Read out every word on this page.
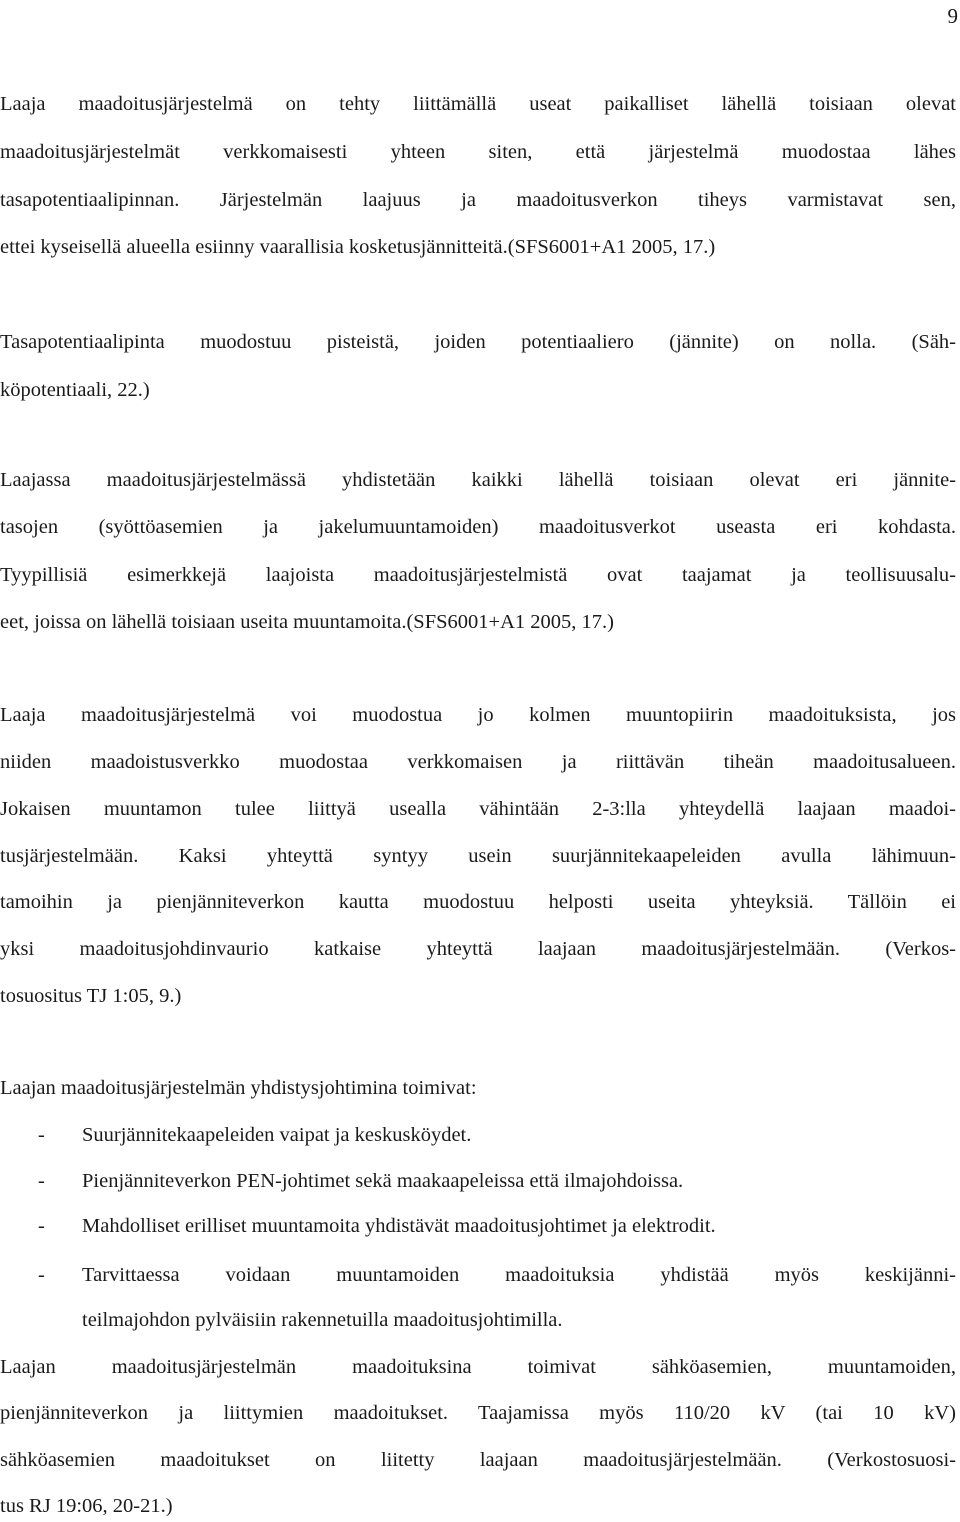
9
Laaja maadoitusjärjestelmä on tehty liittämällä useat paikalliset lähellä toisiaan olevat
maadoitusjärjestelmät verkkomaisesti yhteen siten, että järjestelmä muodostaa lähes
tasapotentiaalipinnan. Järjestelmän laajuus ja maadoitusverkon tiheys varmistavat sen,
ettei kyseisellä alueella esiinny vaarallisia kosketusjännitteitä.(SFS6001+A1 2005, 17.)
Tasapotentiaalipinta muodostuu pisteistä, joiden potentiaaliero (jännite) on nolla. (Säh-
köpotentiaali, 22.)
Laajassa maadoitusjärjestelmässä yhdistetään kaikki lähellä toisiaan olevat eri jännite-
tasojen (syöttöasemien ja jakelumuuntamoiden) maadoitusverkot useasta eri kohdasta.
Tyypillisiä esimerkkejä laajoista maadoitusjärjestelmistä ovat taajamat ja teollisuusalu-
eet, joissa on lähellä toisiaan useita muuntamoita.(SFS6001+A1 2005, 17.)
Laaja maadoitusjärjestelmä voi muodostua jo kolmen muuntopiirin maadoituksista, jos
niiden maadoistusverkko muodostaa verkkomaisen ja riittävän tiheän maadoitusalueen.
Jokaisen muuntamon tulee liittyä usealla vähintään 2-3:lla yhteydellä laajaan maadoi-
tusjärjestelmään. Kaksi yhteyttä syntyy usein suurjännitekaapeleiden avulla lähimuun-
tamoihin ja pienjänniteverkon kautta muodostuu helposti useita yhteyksiä. Tällöin ei
yksi maadoitusjohdinvaurio katkaise yhteyttä laajaan maadoitusjärjestelmään. (Verkos-
tosuositus TJ 1:05, 9.)
Laajan maadoitusjärjestelmän yhdistysjohtimina toimivat:
- Suurjännitekaapeleiden vaipat ja keskusköydet.
- Pienjänniteverkon PEN-johtimet sekä maakaapeleissa että ilmajohdoissa.
- Mahdolliset erilliset muuntamoita yhdistävät maadoitusjohtimet ja elektrodit.
- Tarvittaessa voidaan muuntamoiden maadoituksia yhdistää myös keskijänni-
teilmajohdon pylväisiin rakennetuilla maadoitusjohtimilla.
Laajan maadoitusjärjestelmän maadoituksina toimivat sähköasemien, muuntamoiden,
pienjänniteverkon ja liittymien maadoitukset. Taajamissa myös 110/20 kV (tai 10 kV)
sähköasemien maadoitukset on liitetty laajaan maadoitusjärjestelmään. (Verkostosuosi-
tus RJ 19:06, 20-21.)
